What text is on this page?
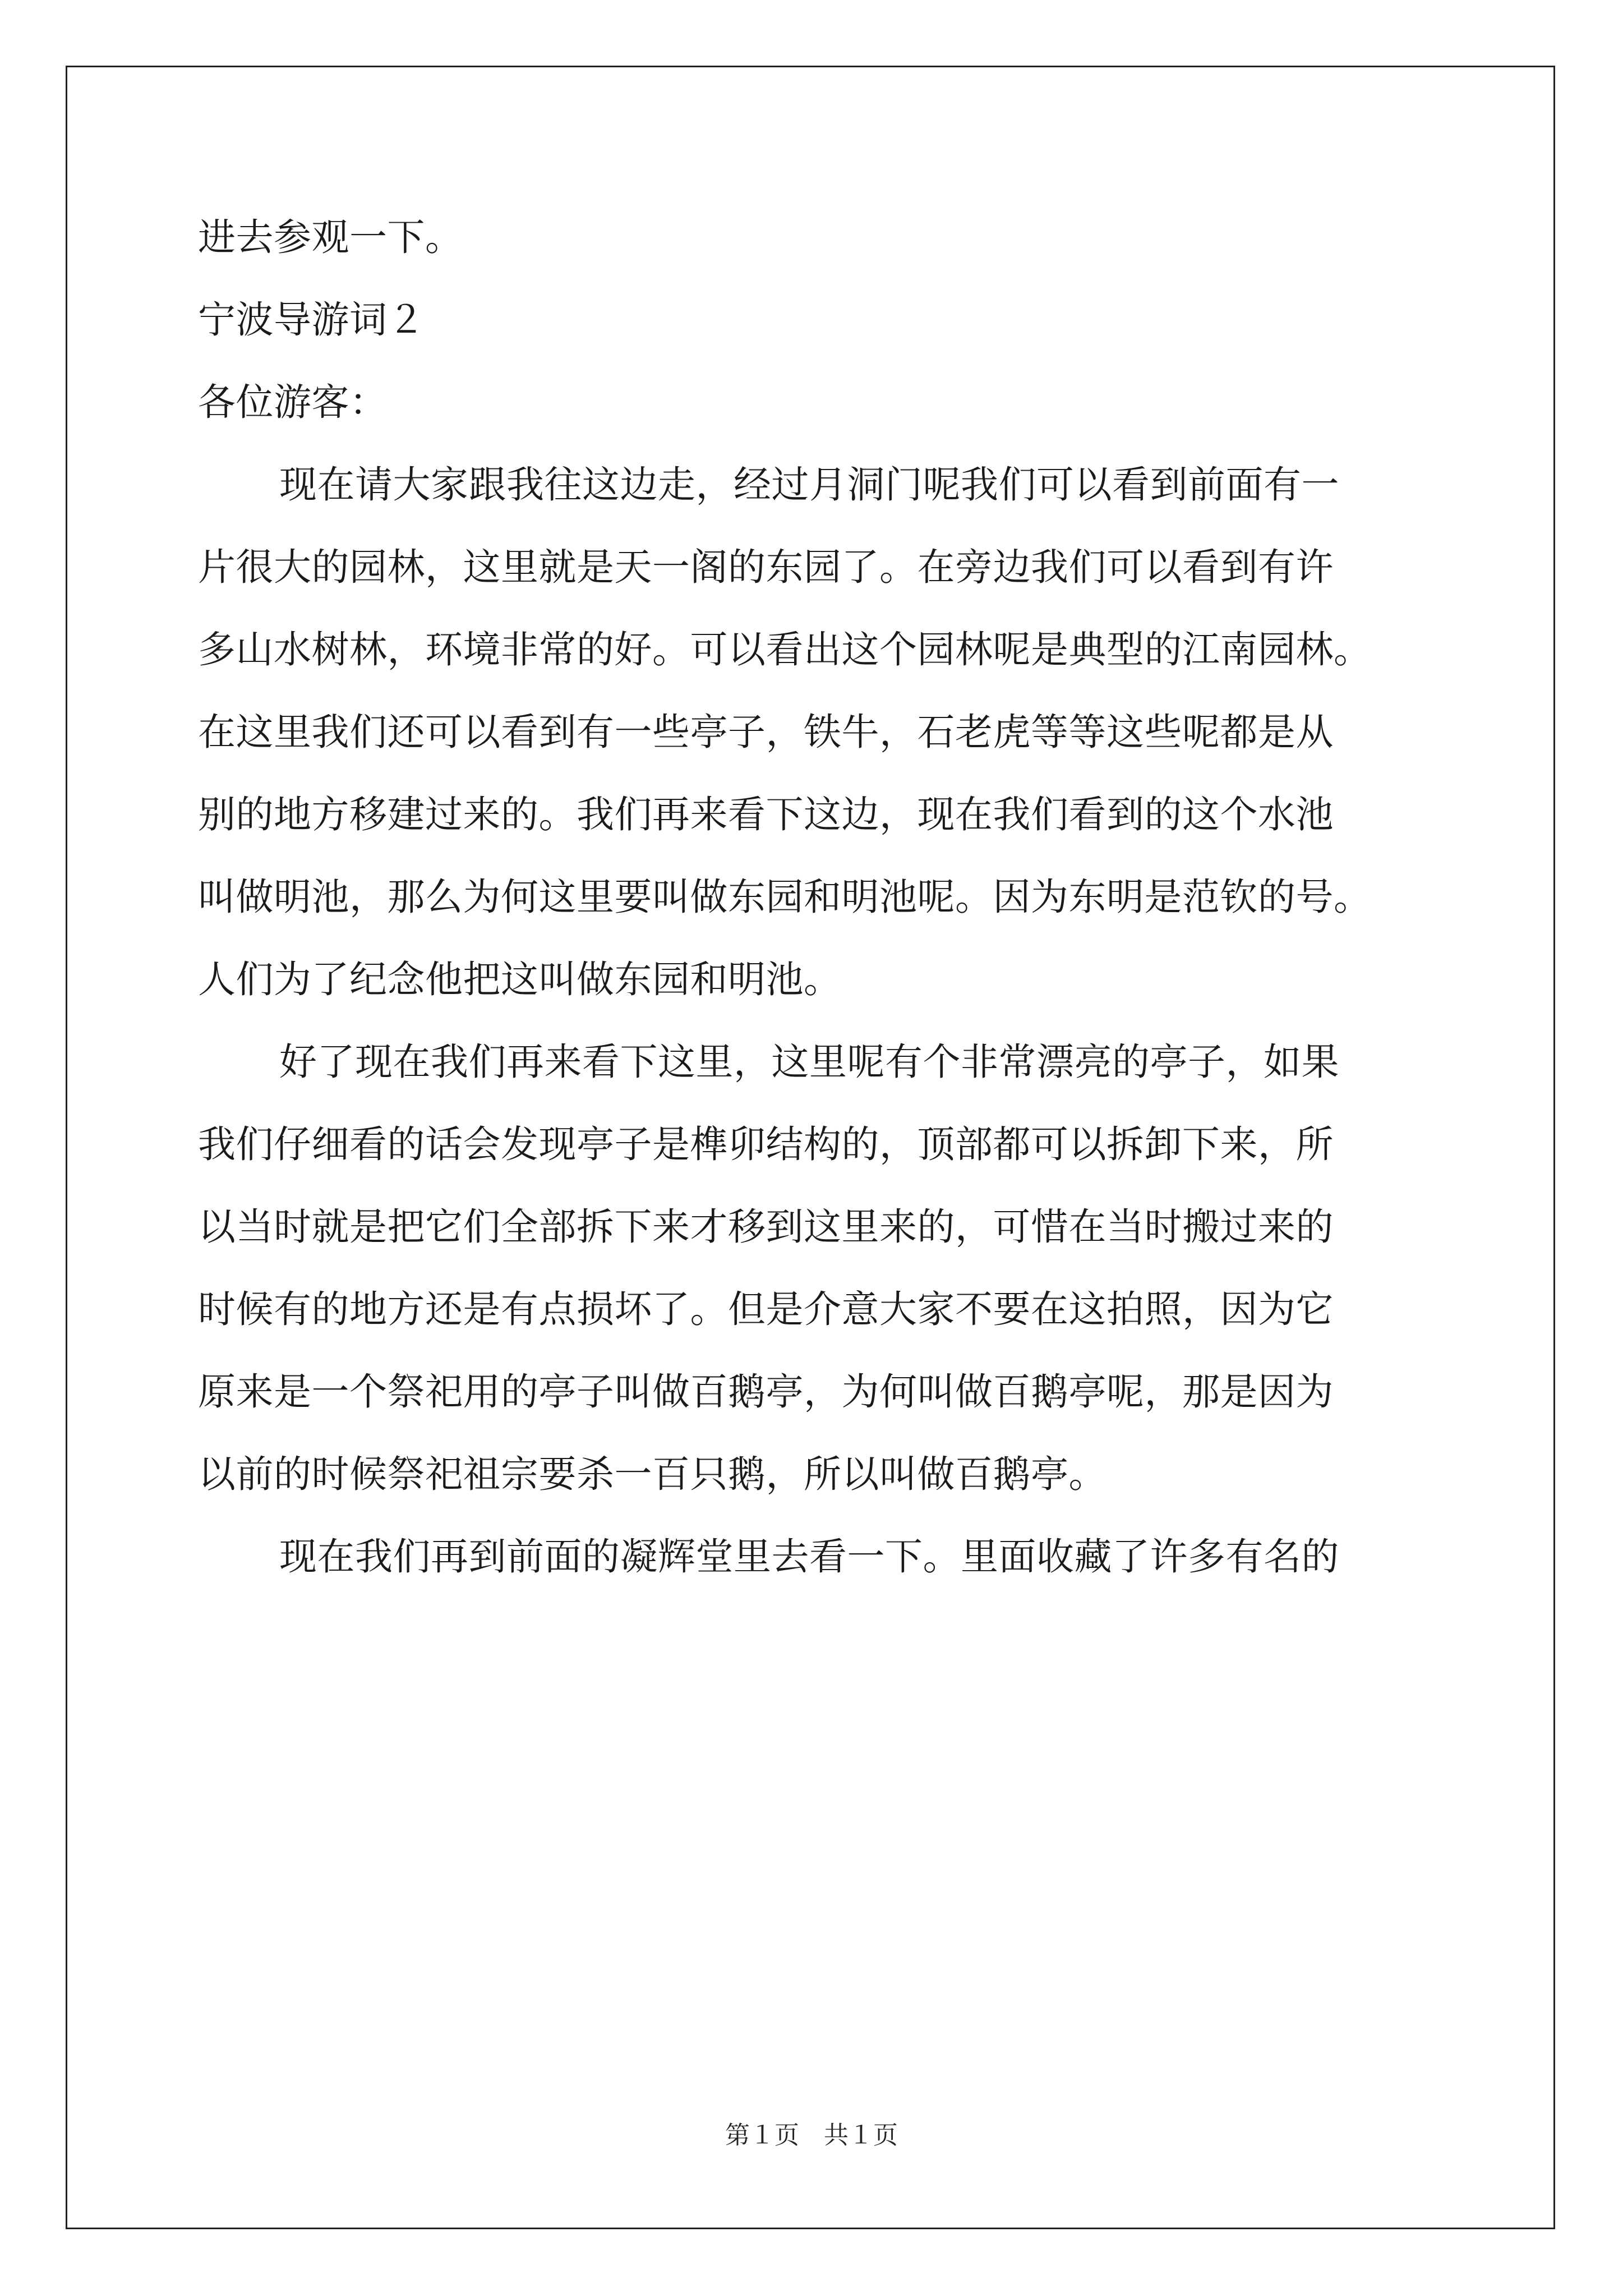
进去参观一下。
宁波导游词２
各位游客：
现在请大家跟我往这边走，经过月洞门呢我们可以看到前面有一
片很大的园林，这里就是天一阁的东园了。在旁边我们可以看到有许
多山水树林，环境非常的好。可以看出这个园林呢是典型的江南园林。
在这里我们还可以看到有一些亭子，铁牛，石老虎等等这些呢都是从
别的地方移建过来的。我们再来看下这边，现在我们看到的这个水池
叫做明池，那么为何这里要叫做东园和明池呢。因为东明是范钦的号。
人们为了纪念他把这叫做东园和明池。
好了现在我们再来看下这里，这里呢有个非常漂亮的亭子，如果
我们仔细看的话会发现亭子是榫卯结构的，顶部都可以拆卸下来，所
以当时就是把它们全部拆下来才移到这里来的，可惜在当时搬过来的
时候有的地方还是有点损坏了。但是介意大家不要在这拍照，因为它
原来是一个祭祀用的亭子叫做百鹅亭，为何叫做百鹅亭呢，那是因为
以前的时候祭祀祖宗要杀一百只鹅，所以叫做百鹅亭。
现在我们再到前面的凝辉堂里去看一下。里面收藏了许多有名的
第１页　共１页
